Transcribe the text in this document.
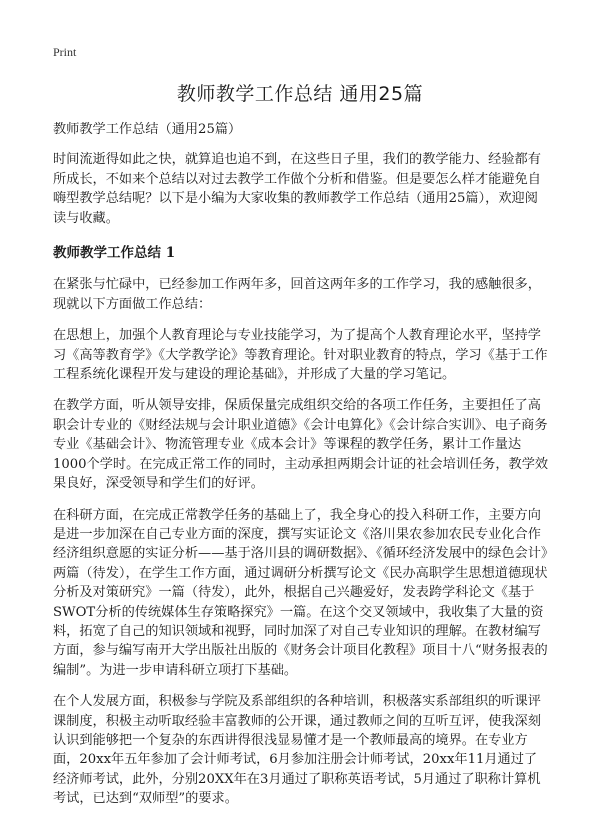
Print
教师教学工作总结 通用25篇

教师教学工作总结（通用25篇）

时间流逝得如此之快，就算追也追不到，在这些日子里，我们的教学能力、经验都有所成长，不如来个总结以对过去教学工作做个分析和借鉴。但是要怎么样才能避免自嗨型教学总结呢？以下是小编为大家收集的教师教学工作总结（通用25篇），欢迎阅读与收藏。

教师教学工作总结 1

在紧张与忙碌中，已经参加工作两年多，回首这两年多的工作学习，我的感触很多，现就以下方面做工作总结：

在思想上，加强个人教育理论与专业技能学习，为了提高个人教育理论水平，坚持学习《高等教育学》《大学教学论》等教育理论。针对职业教育的特点，学习《基于工作工程系统化课程开发与建设的理论基础》，并形成了大量的学习笔记。

在教学方面，听从领导安排，保质保量完成组织交给的各项工作任务，主要担任了高职会计专业的《财经法规与会计职业道德》《会计电算化》《会计综合实训》、电子商务专业《基础会计》、物流管理专业《成本会计》等课程的教学任务，累计工作量达1000个学时。在完成正常工作的同时，主动承担两期会计证的社会培训任务，教学效果良好，深受领导和学生们的好评。

在科研方面，在完成正常教学任务的基础上了，我全身心的投入科研工作，主要方向是进一步加深在自己专业方面的深度，撰写实证论文《洛川果农参加农民专业化合作经济组织意愿的实证分析——基于洛川县的调研数据》、《循环经济发展中的绿色会计》两篇（待发），在学生工作方面，通过调研分析撰写论文《民办高职学生思想道德现状分析及对策研究》一篇（待发），此外，根据自己兴趣爱好，发表跨学科论文《基于SWOT分析的传统媒体生存策略探究》一篇。在这个交叉领域中，我收集了大量的资料，拓宽了自己的知识领域和视野，同时加深了对自己专业知识的理解。在教材编写方面，参与编写南开大学出版社出版的《财务会计项目化教程》项目十八“财务报表的编制”。为进一步申请科研立项打下基础。

在个人发展方面，积极参与学院及系部组织的各种培训，积极落实系部组织的听课评课制度，积极主动听取经验丰富教师的公开课，通过教师之间的互听互评，使我深刻认识到能够把一个复杂的东西讲得很浅显易懂才是一个教师最高的境界。在专业方面，20xx年五年参加了会计师考试，6月参加注册会计师考试，20xx年11月通过了经济师考试，此外，分别20XX年在3月通过了职称英语考试，5月通过了职称计算机考试，已达到“双师型”的要求。
